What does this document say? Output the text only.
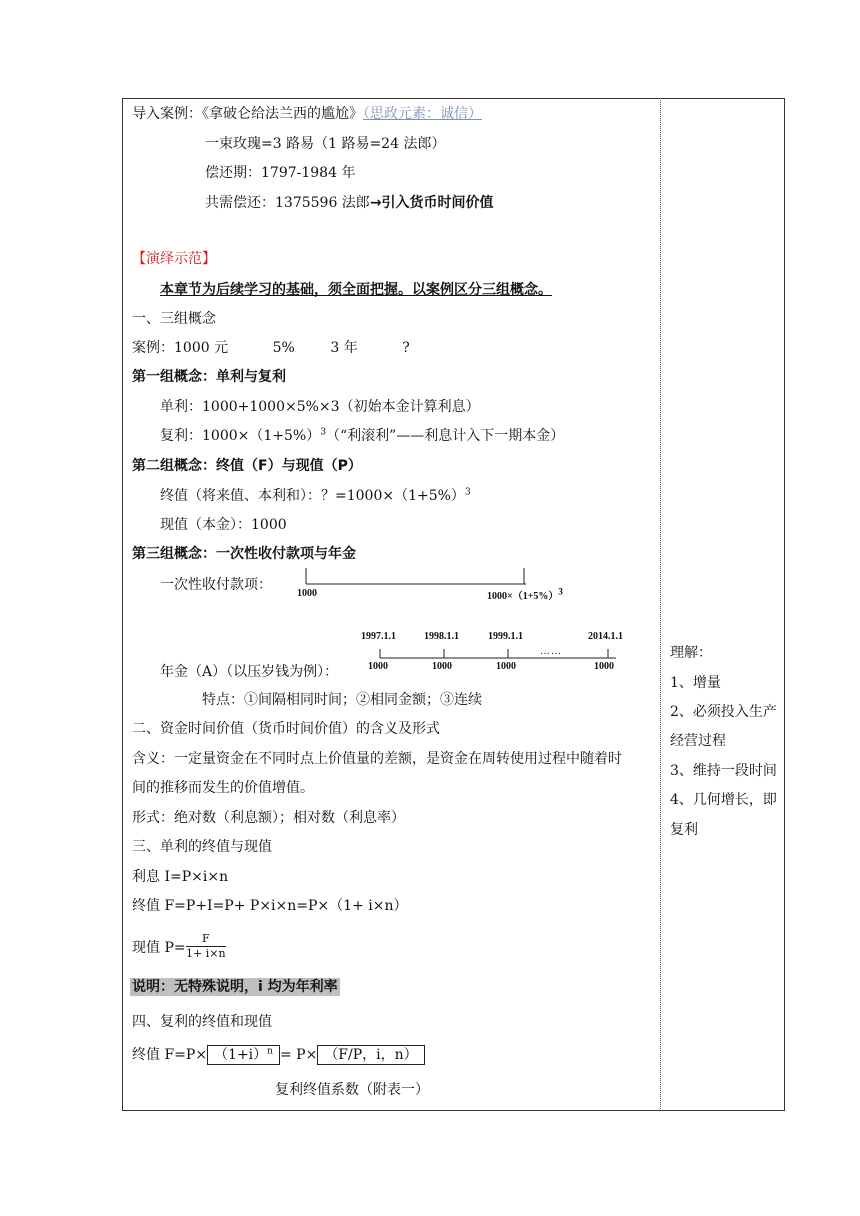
导入案例：《拿破仑给法兰西的尴尬》（思政元素：诚信）
一束玫瑰=3 路易（1 路易=24 法郎）
偿还期：1797-1984 年
共需偿还：1375596 法郎→引入货币时间价值
【演绎示范】
本章节为后续学习的基础，须全面把握。以案例区分三组概念。
一、三组概念
案例：1000 元          5%        3 年          ?
第一组概念：单利与复利
单利：1000+1000×5%×3（初始本金计算利息）
复利：$1000\times(1+5\%)^3(“$利滚利”——利息计入下一期本金）
第二组概念：终值（F）与现值（P）
终值（将来值、本利和）：？$=1000\times(1+5\%)^3$
现值（本金）：1000
第三组概念：一次性收付款项与年金
一次性收付款项：
1000	$1000\times(1+5\%)^3$
1997.1.1	1998.1.1	1999.1.1	2014.1.1
……
1000	1000	1000	1000
年金（A）（以压岁钱为例）：
特点：①间隔相同时间；②相同金额；③连续
二、资金时间价值（货币时间价值）的含义及形式
含义：一定量资金在不同时点上价值量的差额，是资金在周转使用过程中随着时
间的推移而发生的价值增值。
形式：绝对数（利息额）；相对数（利息率）
三、单利的终值与现值
利息 I=P×i×n
终值 F=P+I=P+ P×i×n=P×（1+ i×n）
现值 $P= \frac{F}{1+ i\times n}$
说明：无特殊说明，i 均为年利率
四、复利的终值和现值
终值 $F=P\times (1+i)^n = P\times (F/P$，i，n）
复利终值系数（附表一）
理解：
1、增量
2、必须投入生产
经营过程
3、维持一段时间
4、几何增长，即
复利
